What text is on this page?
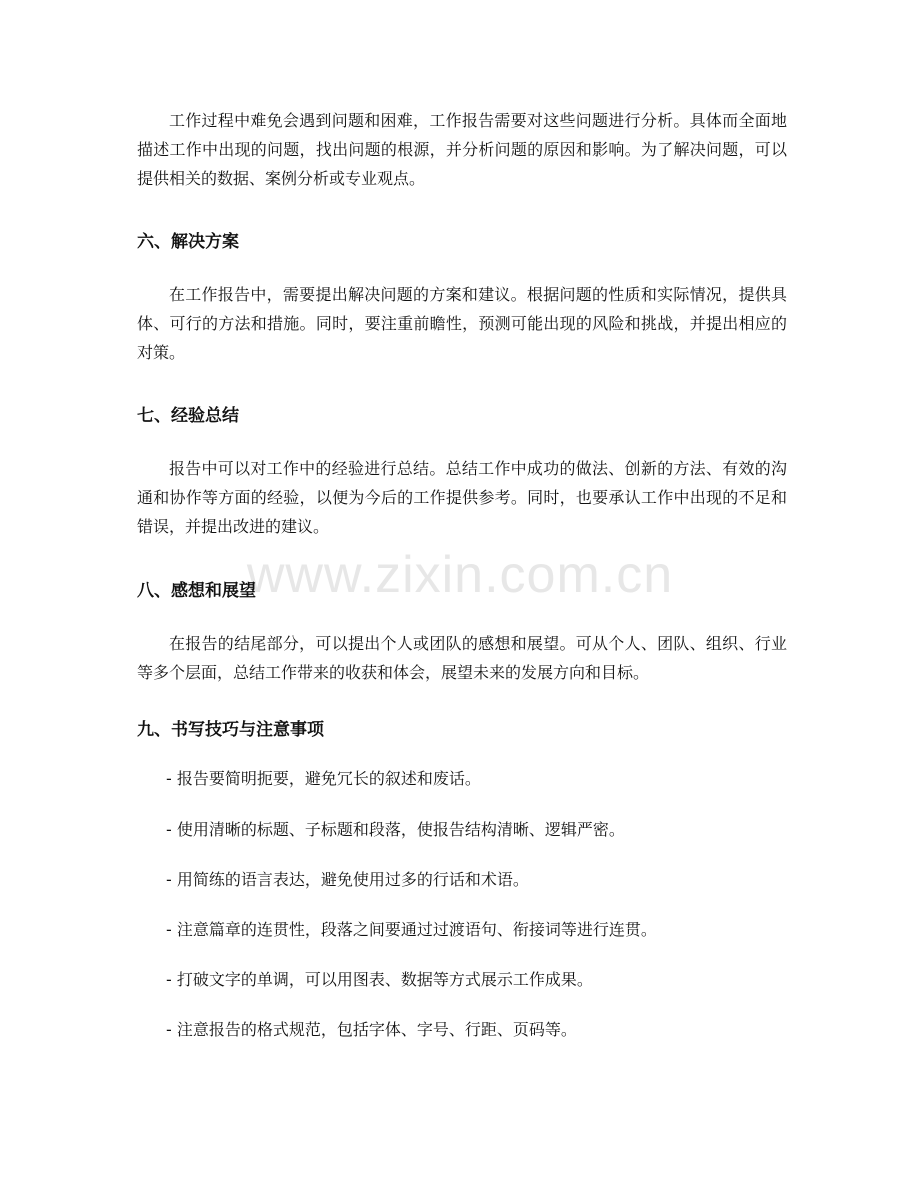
www.zixin.com.cn

工作过程中难免会遇到问题和困难，工作报告需要对这些问题进行分析。具体而全面地描述工作中出现的问题，找出问题的根源，并分析问题的原因和影响。为了解决问题，可以提供相关的数据、案例分析或专业观点。

六、解决方案

在工作报告中，需要提出解决问题的方案和建议。根据问题的性质和实际情况，提供具体、可行的方法和措施。同时，要注重前瞻性，预测可能出现的风险和挑战，并提出相应的对策。

七、经验总结

报告中可以对工作中的经验进行总结。总结工作中成功的做法、创新的方法、有效的沟通和协作等方面的经验，以便为今后的工作提供参考。同时，也要承认工作中出现的不足和错误，并提出改进的建议。

八、感想和展望

在报告的结尾部分，可以提出个人或团队的感想和展望。可从个人、团队、组织、行业等多个层面，总结工作带来的收获和体会，展望未来的发展方向和目标。

九、书写技巧与注意事项

- 报告要简明扼要，避免冗长的叙述和废话。

- 使用清晰的标题、子标题和段落，使报告结构清晰、逻辑严密。

- 用简练的语言表达，避免使用过多的行话和术语。

- 注意篇章的连贯性，段落之间要通过过渡语句、衔接词等进行连贯。

- 打破文字的单调，可以用图表、数据等方式展示工作成果。

- 注意报告的格式规范，包括字体、字号、行距、页码等。
